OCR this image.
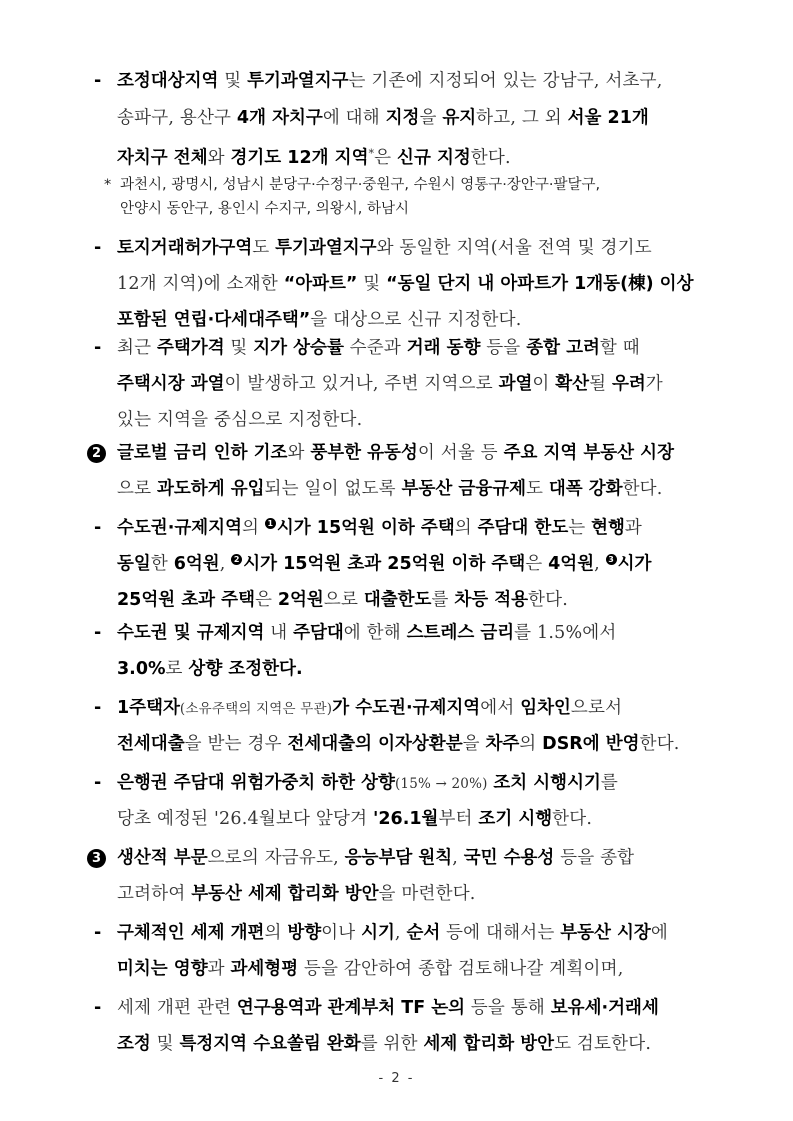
- 조정대상지역 및 투기과열지구는 기존에 지정되어 있는 강남구, 서초구,
송파구, 용산구 4개 자치구에 대해 지정을 유지하고, 그 외 서울 21개
자치구 전체와 경기도 12개 지역*은 신규 지정한다.
* 과천시, 광명시, 성남시 분당구·수정구·중원구, 수원시 영통구·장안구·팔달구,
안양시 동안구, 용인시 수지구, 의왕시, 하남시
- 토지거래허가구역도 투기과열지구와 동일한 지역(서울 전역 및 경기도
12개 지역)에 소재한 “아파트” 및 “동일 단지 내 아파트가 1개동(棟) 이상
포함된 연립·다세대주택”을 대상으로 신규 지정한다.
- 최근 주택가격 및 지가 상승률 수준과 거래 동향 등을 종합 고려할 때
주택시장 과열이 발생하고 있거나, 주변 지역으로 과열이 확산될 우려가
있는 지역을 중심으로 지정한다.
2 글로벌 금리 인하 기조와 풍부한 유동성이 서울 등 주요 지역 부동산 시장
으로 과도하게 유입되는 일이 없도록 부동산 금융규제도 대폭 강화한다.
- 수도권·규제지역의 1 시가 15억원 이하 주택의 주담대 한도는 현행과
동일한 6억원, 2 시가 15억원 초과 25억원 이하 주택은 4억원, 3 시가
25억원 초과 주택은 2억원으로 대출한도를 차등 적용한다.
- 수도권 및 규제지역 내 주담대에 한해 스트레스 금리를 1.5%에서
3.0%로 상향 조정한다.
- 1주택자(소유주택의 지역은 무관)가 수도권·규제지역에서 임차인으로서
전세대출을 받는 경우 전세대출의 이자상환분을 차주의 DSR에 반영한다.
- 은행권 주담대 위험가중치 하한 상향(15% → 20%) 조치 시행시기를
당초 예정된 '26.4월보다 앞당겨 '26.1월부터 조기 시행한다.
3 생산적 부문으로의 자금유도, 응능부담 원칙, 국민 수용성 등을 종합
고려하여 부동산 세제 합리화 방안을 마련한다.
- 구체적인 세제 개편의 방향이나 시기, 순서 등에 대해서는 부동산 시장에
미치는 영향과 과세형평 등을 감안하여 종합 검토해나갈 계획이며,
- 세제 개편 관련 연구용역과 관계부처 TF 논의 등을 통해 보유세·거래세
조정 및 특정지역 수요쏠림 완화를 위한 세제 합리화 방안도 검토한다.
- 2 -
